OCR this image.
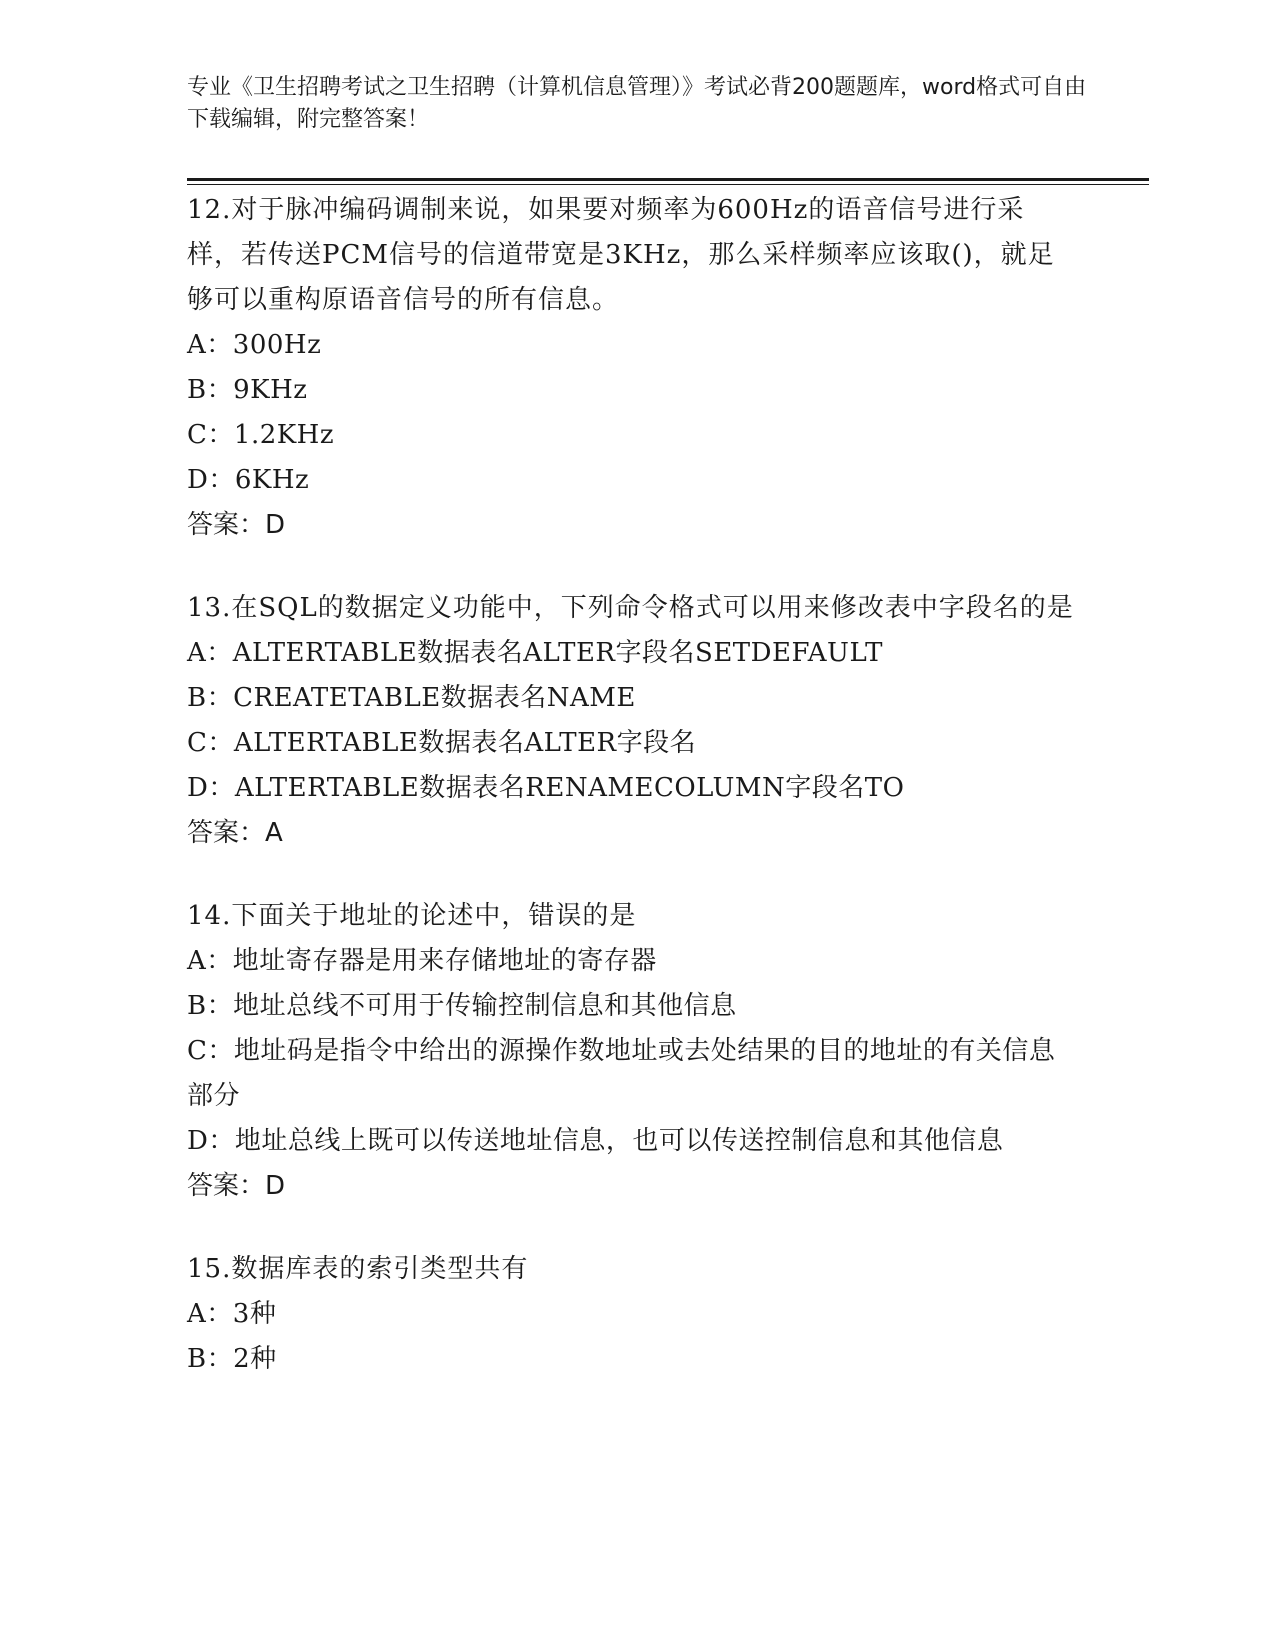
专业《卫生招聘考试之卫生招聘（计算机信息管理）》考试必背200题题库，word格式可自由下载编辑，附完整答案！

12.对于脉冲编码调制来说，如果要对频率为600Hz的语音信号进行采样，若传送PCM信号的信道带宽是3KHz，那么采样频率应该取()，就足够可以重构原语音信号的所有信息。

A：300Hz

B：9KHz

C：1.2KHz

D：6KHz

答案：D

13.在SQL的数据定义功能中，下列命令格式可以用来修改表中字段名的是

A：ALTERTABLE数据表名ALTER字段名SETDEFAULT

B：CREATETABLE数据表名NAME

C：ALTERTABLE数据表名ALTER字段名

D：ALTERTABLE数据表名RENAMECOLUMN字段名TO

答案：A

14.下面关于地址的论述中，错误的是

A：地址寄存器是用来存储地址的寄存器

B：地址总线不可用于传输控制信息和其他信息

C：地址码是指令中给出的源操作数地址或去处结果的目的地址的有关信息部分

D：地址总线上既可以传送地址信息，也可以传送控制信息和其他信息

答案：D

15.数据库表的索引类型共有

A：3种

B：2种
